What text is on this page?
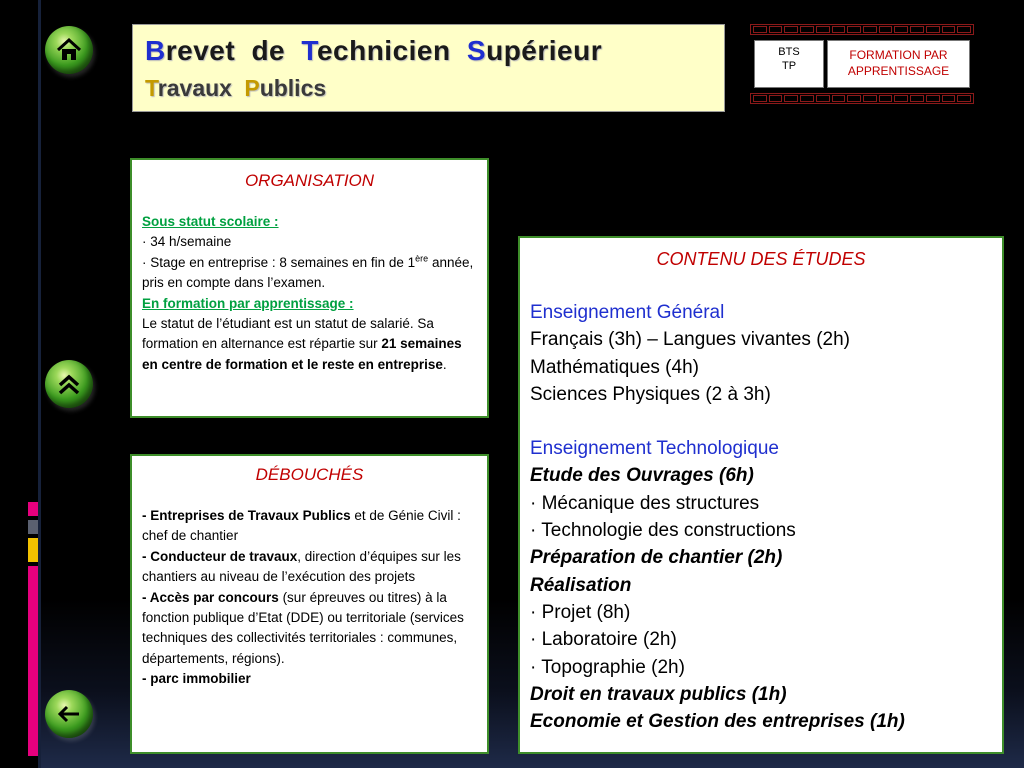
Brevet de Technicien Supérieur
Travaux Publics
BTS
TP
FORMATION PAR
APPRENTISSAGE
ORGANISATION
Sous statut scolaire :
· 34 h/semaine
· Stage en entreprise : 8 semaines en fin de 1ère année, pris en compte dans l’examen.
En formation par apprentissage :
Le statut de l’étudiant est un statut de salarié. Sa formation en alternance est répartie sur 21 semaines en centre de formation et le reste en entreprise.
DÉBOUCHÉS
- Entreprises de Travaux Publics et de Génie Civil : chef de chantier
- Conducteur de travaux, direction d’équipes sur les chantiers au niveau de l’exécution des projets
- Accès par concours (sur épreuves ou titres) à la fonction publique d’Etat (DDE) ou territoriale (services techniques des collectivités territoriales : communes, départements, régions).
- parc immobilier
CONTENU DES ÉTUDES
Enseignement Général
Français (3h) – Langues vivantes (2h)
Mathématiques (4h)
Sciences Physiques (2 à 3h)
Enseignement Technologique
Etude des Ouvrages (6h)
· Mécanique des structures
· Technologie des constructions
Préparation de chantier (2h)
Réalisation
· Projet (8h)
· Laboratoire (2h)
· Topographie (2h)
Droit en travaux publics (1h)
Economie et Gestion des entreprises (1h)
